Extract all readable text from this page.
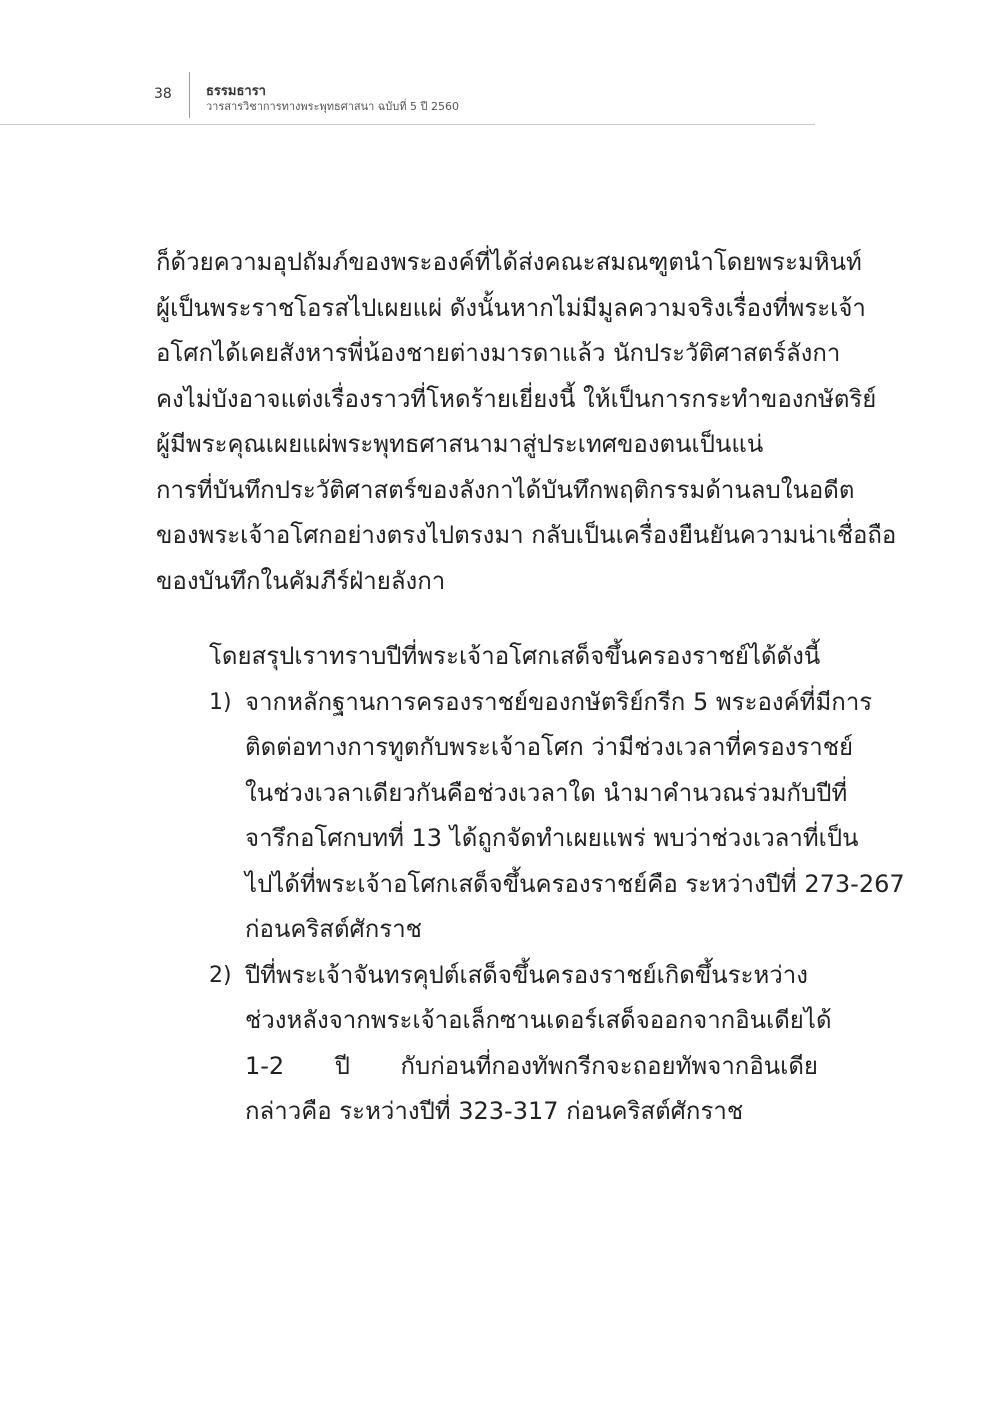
38	ธรรมธารา
วารสารวิชาการทางพระพุทธศาสนา ฉบับที่ 5 ปี 2560
ก็ด้วยความอุปถัมภ์ของพระองค์ที่ได้ส่งคณะสมณฑูตนำโดยพระมหินท์
ผู้เป็นพระราชโอรสไปเผยแผ่ ดังนั้นหากไม่มีมูลความจริงเรื่องที่พระเจ้า
อโศกได้เคยสังหารพี่น้องชายต่างมารดาแล้ว นักประวัติศาสตร์ลังกา
คงไม่บังอาจแต่งเรื่องราวที่โหดร้ายเยี่ยงนี้ ให้เป็นการกระทำของกษัตริย์
ผู้มีพระคุณเผยแผ่พระพุทธศาสนามาสู่ประเทศของตนเป็นแน่
การที่บันทึกประวัติศาสตร์ของลังกาได้บันทึกพฤติกรรมด้านลบในอดีต
ของพระเจ้าอโศกอย่างตรงไปตรงมา กลับเป็นเครื่องยืนยันความน่าเชื่อถือ
ของบันทึกในคัมภีร์ฝ่ายลังกา
โดยสรุปเราทราบปีที่พระเจ้าอโศกเสด็จขึ้นครองราชย์ได้ดังนี้
1) จากหลักฐานการครองราชย์ของกษัตริย์กรีก 5 พระองค์ที่มีการ
ติดต่อทางการทูตกับพระเจ้าอโศก ว่ามีช่วงเวลาที่ครองราชย์
ในช่วงเวลาเดียวกันคือช่วงเวลาใด นำมาคำนวณร่วมกับปีที่
จารึกอโศกบทที่ 13 ได้ถูกจัดทำเผยแพร่ พบว่าช่วงเวลาที่เป็น
ไปได้ที่พระเจ้าอโศกเสด็จขึ้นครองราชย์คือ ระหว่างปีที่ 273-267
ก่อนคริสต์ศักราช
2) ปีที่พระเจ้าจันทรคุปต์เสด็จขึ้นครองราชย์เกิดขึ้นระหว่าง
ช่วงหลังจากพระเจ้าอเล็กซานเดอร์เสด็จออกจากอินเดียได้
1-2 ปี กับก่อนที่กองทัพกรีกจะถอยทัพจากอินเดีย
กล่าวคือ ระหว่างปีที่ 323-317 ก่อนคริสต์ศักราช
